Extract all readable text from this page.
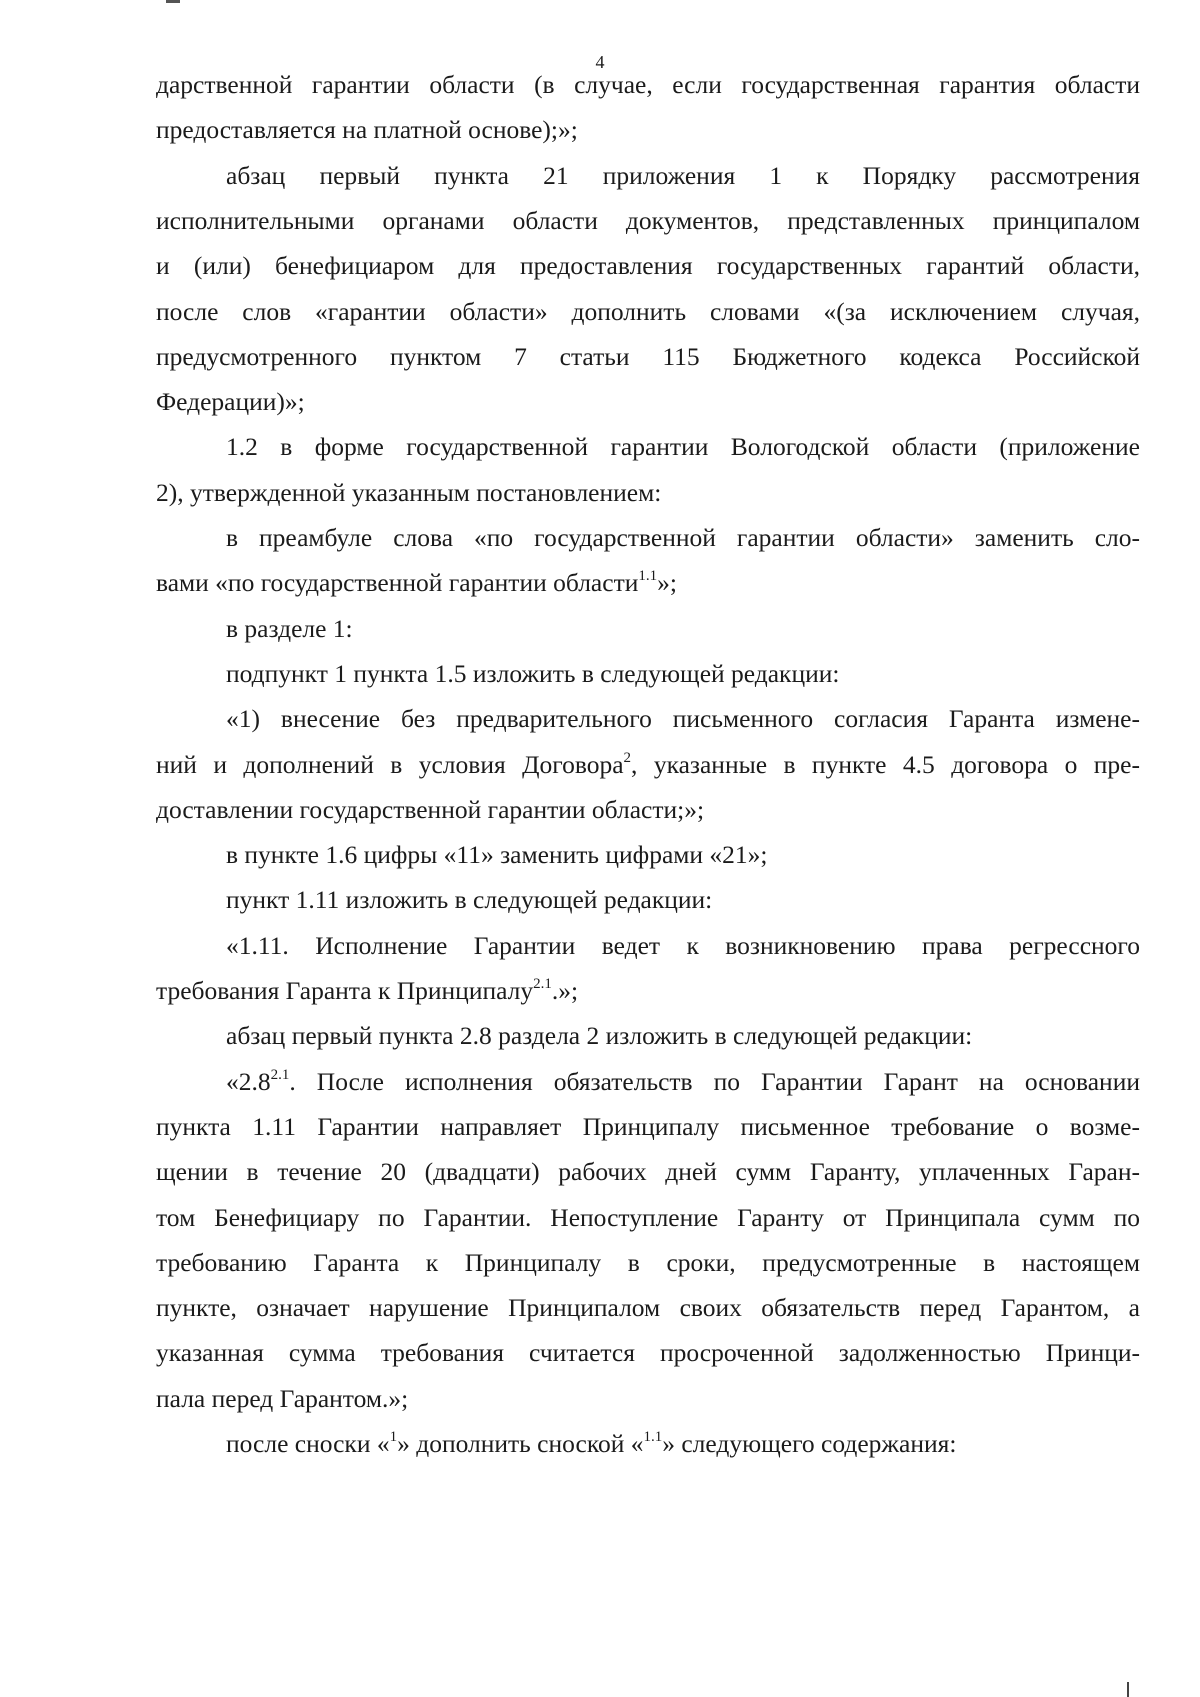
4
дарственной гарантии области (в случае, если государственная гарантия области
предоставляется на платной основе);»;
абзац первый пункта 21 приложения 1 к Порядку рассмотрения
исполнительными органами области документов, представленных принципалом
и (или) бенефициаром для предоставления государственных гарантий области,
после слов «гарантии области» дополнить словами «(за исключением случая,
предусмотренного пунктом 7 статьи 115 Бюджетного кодекса Российской
Федерации)»;
1.2 в форме государственной гарантии Вологодской области (приложение
2), утвержденной указанным постановлением:
в преамбуле слова «по государственной гарантии области» заменить сло-
вами «по государственной гарантии области$^{1.1}$»;
в разделе 1:
подпункт 1 пункта 1.5 изложить в следующей редакции:
«1) внесение без предварительного письменного согласия Гаранта измене-
ний и дополнений в условия Договора$^2$, указанные в пункте 4.5 договора о пре-
доставлении государственной гарантии области;»;
в пункте 1.6 цифры «11» заменить цифрами «21»;
пункт 1.11 изложить в следующей редакции:
«1.11. Исполнение Гарантии ведет к возникновению права регрессного
требования Гаранта к Принципалу$^{2.1}$.»;
абзац первый пункта 2.8 раздела 2 изложить в следующей редакции:
«$2.8^{2.1}$. После исполнения обязательств по Гарантии Гарант на основании
пункта 1.11 Гарантии направляет Принципалу письменное требование о возме-
щении в течение 20 (двадцати) рабочих дней сумм Гаранту, уплаченных Гаран-
том Бенефициару по Гарантии. Непоступление Гаранту от Принципала сумм по
требованию Гаранта к Принципалу в сроки, предусмотренные в настоящем
пункте, означает нарушение Принципалом своих обязательств перед Гарантом, а
указанная сумма требования считается просроченной задолженностью Принци-
пала перед Гарантом.»;
после сноски «$^1$» дополнить сноской «$^{1.1}$» следующего содержания:
